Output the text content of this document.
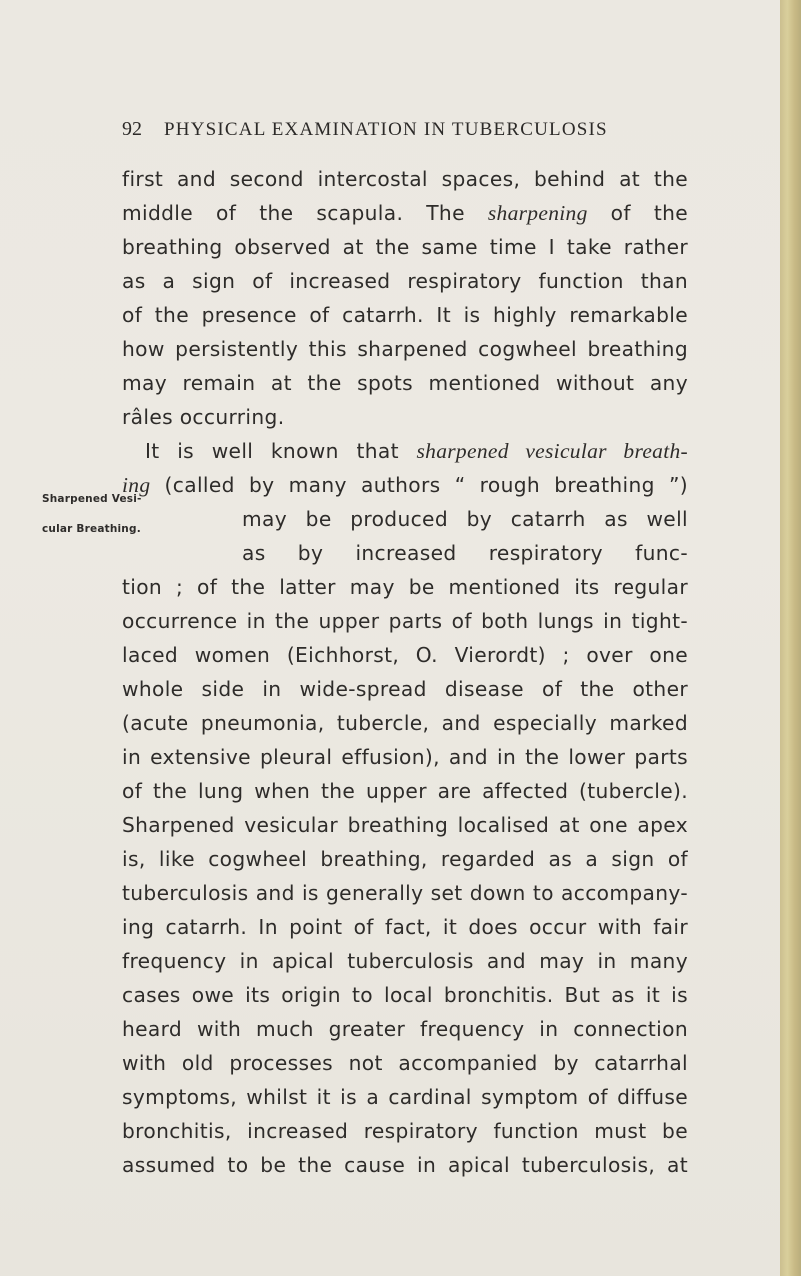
92 PHYSICAL EXAMINATION IN TUBERCULOSIS
Sharpened Vesi-
cular Breathing.
first and second intercostal spaces, behind at the
middle of the scapula. The sharpening of the
breathing observed at the same time I take rather
as a sign of increased respiratory function than
of the presence of catarrh. It is highly remarkable
how persistently this sharpened cogwheel breathing
may remain at the spots mentioned without any
râles occurring.
It is well known that sharpened vesicular breath-
ing (called by many authors “ rough breathing ”)
may be produced by catarrh as well
as by increased respiratory func-
tion ; of the latter may be mentioned its regular
occurrence in the upper parts of both lungs in tight-
laced women (Eichhorst, O. Vierordt) ; over one
whole side in wide-spread disease of the other
(acute pneumonia, tubercle, and especially marked
in extensive pleural effusion), and in the lower parts
of the lung when the upper are affected (tubercle).
Sharpened vesicular breathing localised at one apex
is, like cogwheel breathing, regarded as a sign of
tuberculosis and is generally set down to accompany-
ing catarrh. In point of fact, it does occur with fair
frequency in apical tuberculosis and may in many
cases owe its origin to local bronchitis. But as it is
heard with much greater frequency in connection
with old processes not accompanied by catarrhal
symptoms, whilst it is a cardinal symptom of diffuse
bronchitis, increased respiratory function must be
assumed to be the cause in apical tuberculosis, at
